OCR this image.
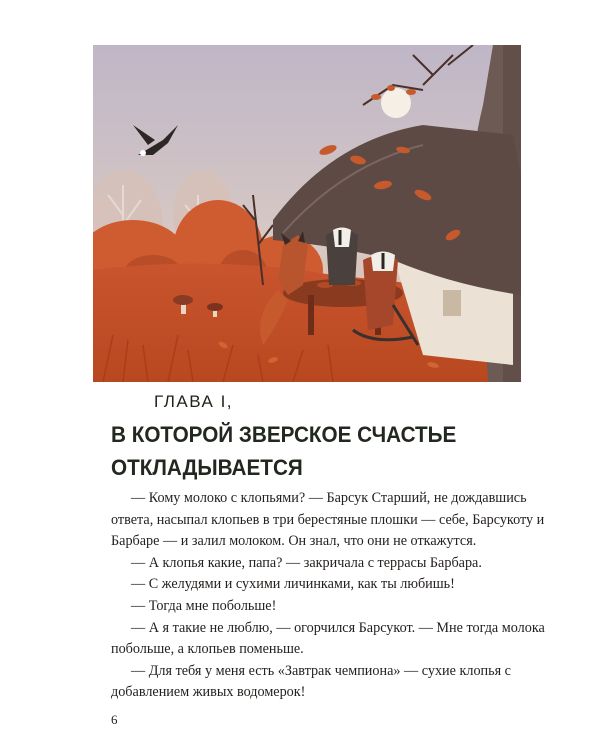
ГЛАВА I,
В КОТОРОЙ ЗВЕРСКОЕ СЧАСТЬЕ
ОТКЛАДЫВАЕТСЯ

— Кому молоко с клопьями? — Барсук Старший, не дождавшись ответа, насыпал клопьев в три берестяные плошки — себе, Барсукоту и Барбаре — и залил молоком. Он знал, что они не откажутся.

— А клопья какие, папа? — закричала с террасы Барбара.

— С желудями и сухими личинками, как ты любишь!

— Тогда мне побольше!

— А я такие не люблю, — огорчился Барсукот. — Мне тогда молока побольше, а клопьев поменьше.

— Для тебя у меня есть «Завтрак чемпиона» — сухие клопья с добавлением живых водомерок!

6
